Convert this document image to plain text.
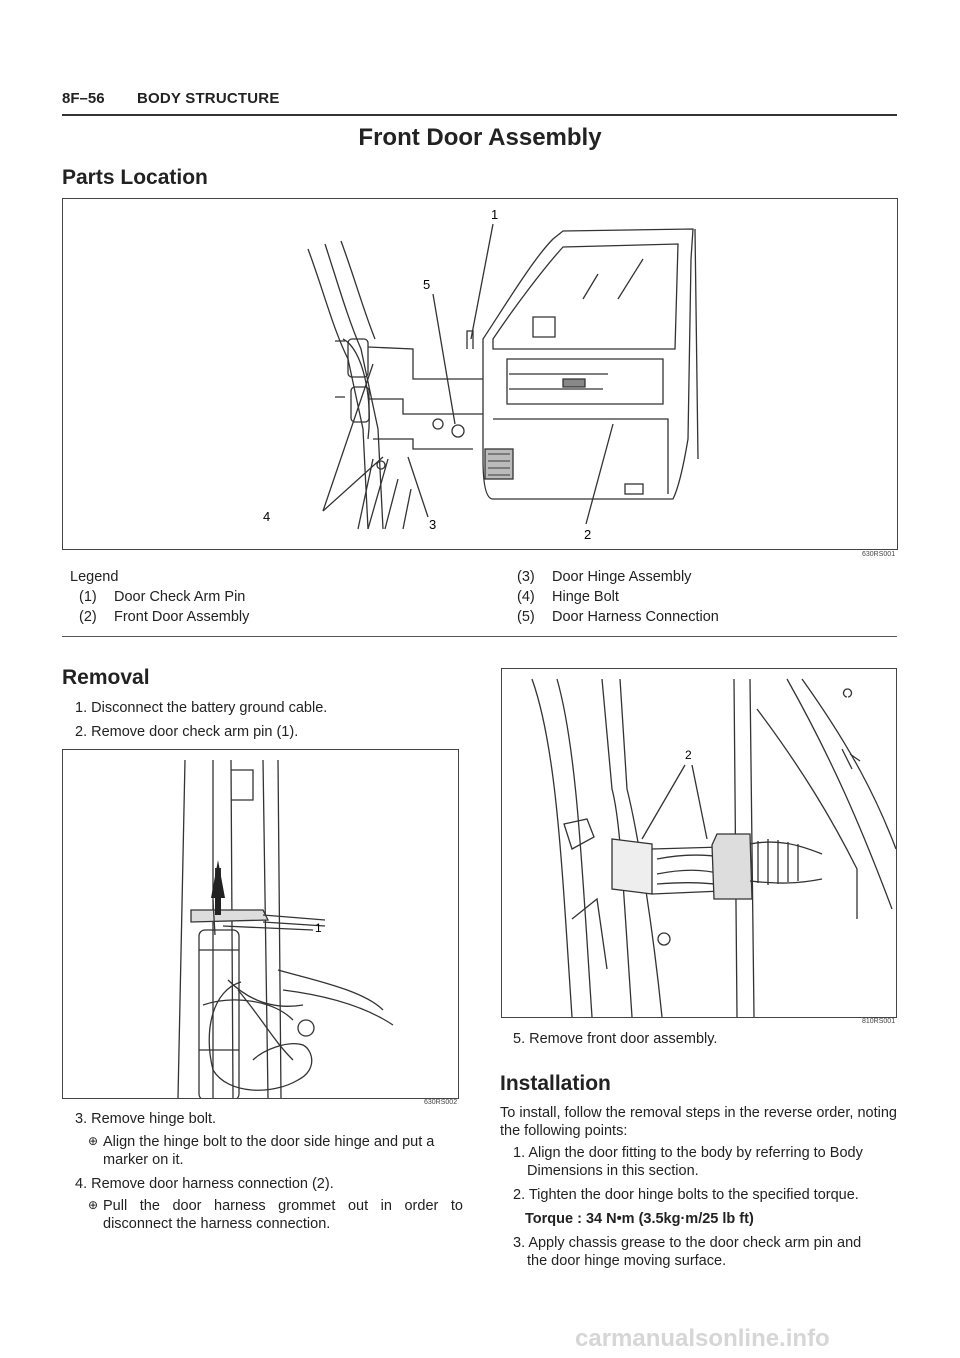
8F–56 BODY STRUCTURE
Front Door Assembly
Parts Location
1
2
3
4
5
630RS001
Legend
(1) Door Check Arm Pin
(2) Front Door Assembly
(3) Door Hinge Assembly
(4) Hinge Bolt
(5) Door Harness Connection
Removal
1. Disconnect the battery ground cable.
2. Remove door check arm pin (1).
1
630RS002
3. Remove hinge bolt.
⊕ Align the hinge bolt to the door side hinge and put a marker on it.
4. Remove door harness connection (2).
⊕ Pull the door harness grommet out in order to disconnect the harness connection.
2
810RS001
5. Remove front door assembly.
Installation
To install, follow the removal steps in the reverse order, noting the following points:
1. Align the door fitting to the body by referring to Body
Dimensions in this section.
2. Tighten the door hinge bolts to the specified torque.
Torque : 34 N•m (3.5kg·m/25 lb ft)
3. Apply chassis grease to the door check arm pin and
the door hinge moving surface.
carmanualsonline.info
